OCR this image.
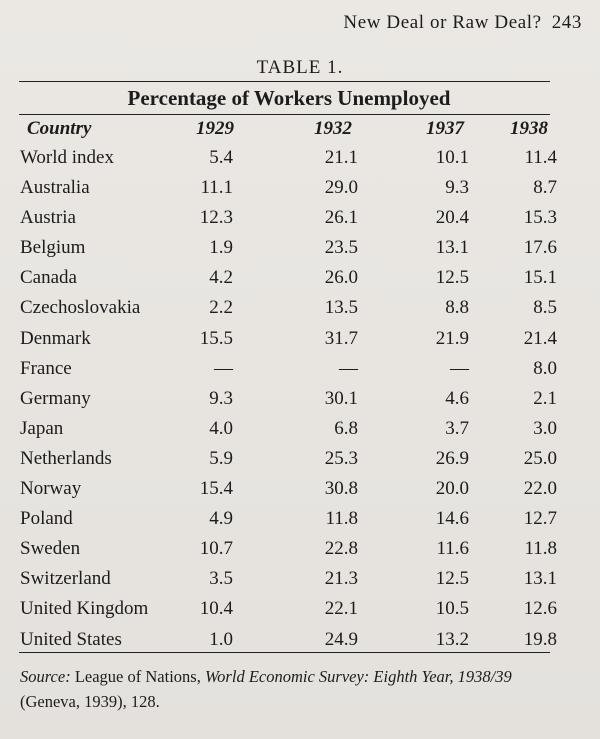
New Deal or Raw Deal? 243
TABLE 1.
Percentage of Workers Unemployed
Country	1929	1932	1937 1938
World index	5.4	21.1	10.1	11.4
Australia	11.1	29.0	9.3	8.7
Austria	12.3	26.1	20.4	15.3
Belgium	1.9	23.5	13.1	17.6
Canada	4.2	26.0	12.5	15.1
Czechoslovakia	2.2	13.5	8.8	8.5
Denmark	15.5	31.7	21.9	21.4
France	—	—	—	8.0
Germany	9.3	30.1	4.6	2.1
Japan	4.0	6.8	3.7	3.0
Netherlands	5.9	25.3	26.9	25.0
Norway	15.4	30.8	20.0	22.0
Poland	4.9	11.8	14.6	12.7
Sweden	10.7	22.8	11.6	11.8
Switzerland	3.5	21.3	12.5	13.1
United Kingdom	10.4	22.1	10.5	12.6
United States	1.0	24.9	13.2	19.8
Source: League of Nations, World Economic Survey: Eighth Year, 1938/39
(Geneva, 1939), 128.
